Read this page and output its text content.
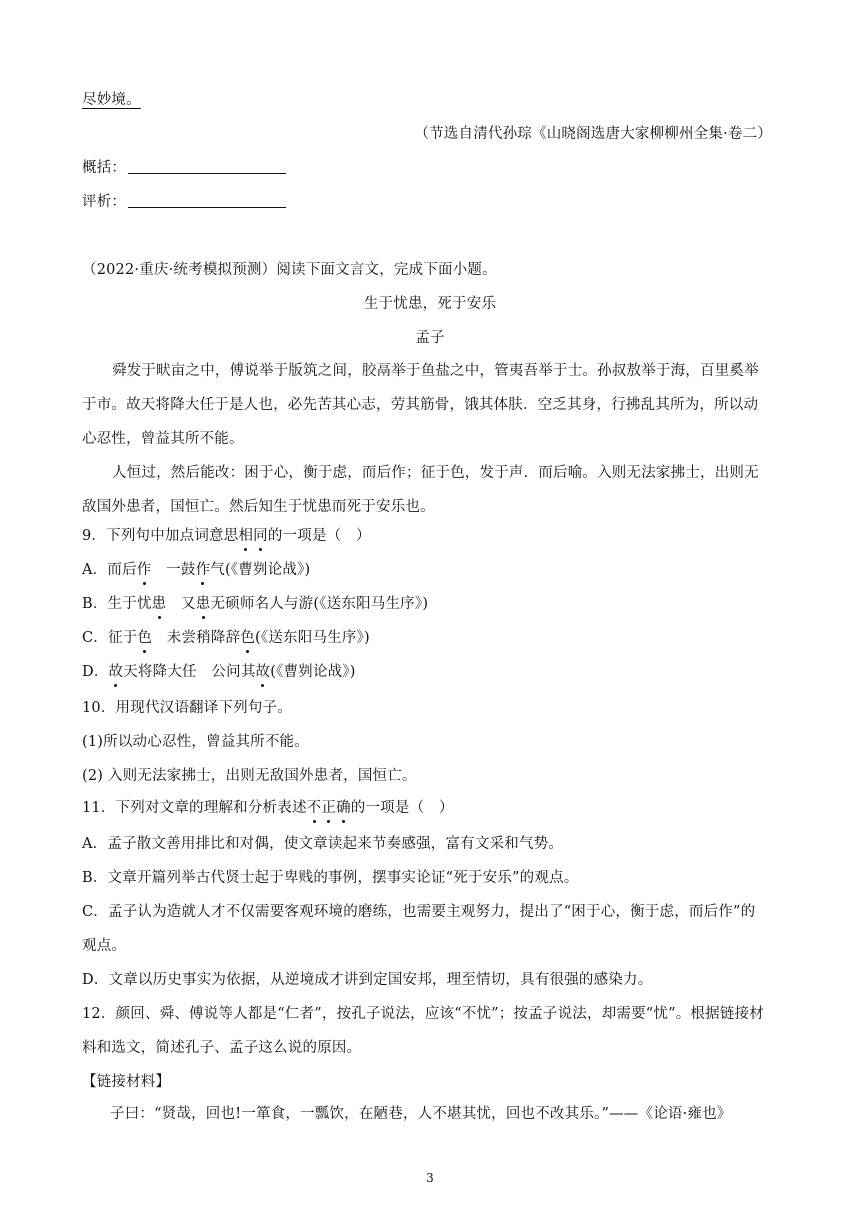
尽妙境。
（节选自清代孙琮《山晓阁选唐大家柳柳州全集·卷二）
概括：
评析：
（2022·重庆·统考模拟预测）阅读下面文言文，完成下面小题。
生于忧患，死于安乐
孟子
舜发于畎亩之中，傅说举于版筑之间，胶鬲举于鱼盐之中，管夷吾举于士。孙叔敖举于海，百里奚举
于市。故天将降大任于是人也，必先苦其心志，劳其筋骨，饿其体肤．空乏其身，行拂乱其所为，所以动
心忍性，曾益其所不能。
人恒过，然后能改：困于心，衡于虑，而后作；征于色，发于声．而后喻。入则无法家拂士，出则无
敌国外患者，国恒亡。然后知生于忧患而死于安乐也。
9．下列句中加点词意思相同的一项是（　）
A．而后作　一鼓作气(《曹刿论战》)
B．生于忧患　又患无硕师名人与游(《送东阳马生序》)
C．征于色　未尝稍降辞色(《送东阳马生序》)
D．故天将降大任　公问其故(《曹刿论战》)
10．用现代汉语翻译下列句子。
(1)所以动心忍性，曾益其所不能。
(2) 入则无法家拂士，出则无敌国外患者，国恒亡。
11．下列对文章的理解和分析表述不正确的一项是（　）
A．孟子散文善用排比和对偶，使文章读起来节奏感强，富有文采和气势。
B．文章开篇列举古代贤士起于卑贱的事例，摆事实论证“死于安乐”的观点。
C．孟子认为造就人才不仅需要客观环境的磨练，也需要主观努力，提出了“困于心，衡于虑，而后作”的
观点。
D．文章以历史事实为依据，从逆境成才讲到定国安邦，理至情切，具有很强的感染力。
12．颜回、舜、傅说等人都是“仁者”，按孔子说法，应该“不忧”；按孟子说法，却需要“忧”。根据链接材
料和选文，简述孔子、孟子这么说的原因。
【链接材料】
子曰：“贤哉，回也!一箪食，一瓢饮，在陋巷，人不堪其忧，回也不改其乐。”——《论语·雍也》
3
